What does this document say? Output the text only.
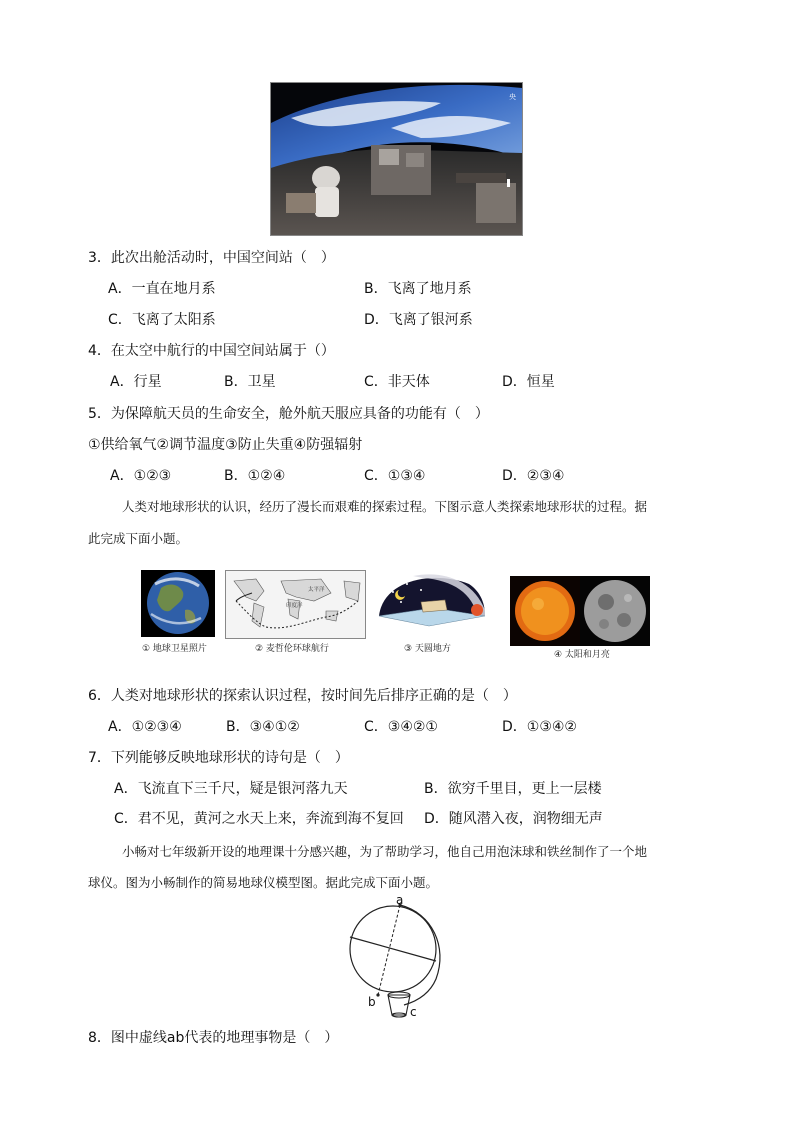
央
3．此次出舱活动时，中国空间站（　）
A．一直在地月系	B．飞离了地月系
C．飞离了太阳系	D．飞离了银河系
4．在太空中航行的中国空间站属于（）
A．行星	B．卫星	C．非天体	D．恒星
5．为保障航天员的生命安全，舱外航天服应具备的功能有（　）
①供给氧气②调节温度③防止失重④防强辐射
A．①②③	B．①②④	C．①③④	D．②③④
人类对地球形状的认识，经历了漫长而艰难的探索过程。下图示意人类探索地球形状的过程。据
此完成下面小题。
① 地球卫星照片
太平洋
印度洋
② 麦哲伦环球航行	③ 天圆地方
④ 太阳和月亮
6．人类对地球形状的探索认识过程，按时间先后排序正确的是（　）
A．①②③④	B．③④①②	C．③④②①	D．①③④②
7．下列能够反映地球形状的诗句是（　）
A．飞流直下三千尺，疑是银河落九天	B．欲穷千里目，更上一层楼
C．君不见，黄河之水天上来，奔流到海不复回 D．随风潜入夜，润物细无声
小畅对七年级新开设的地理课十分感兴趣，为了帮助学习，他自己用泡沫球和铁丝制作了一个地
球仪。图为小畅制作的简易地球仪模型图。据此完成下面小题。
a
b
c
8．图中虚线ab代表的地理事物是（　）
